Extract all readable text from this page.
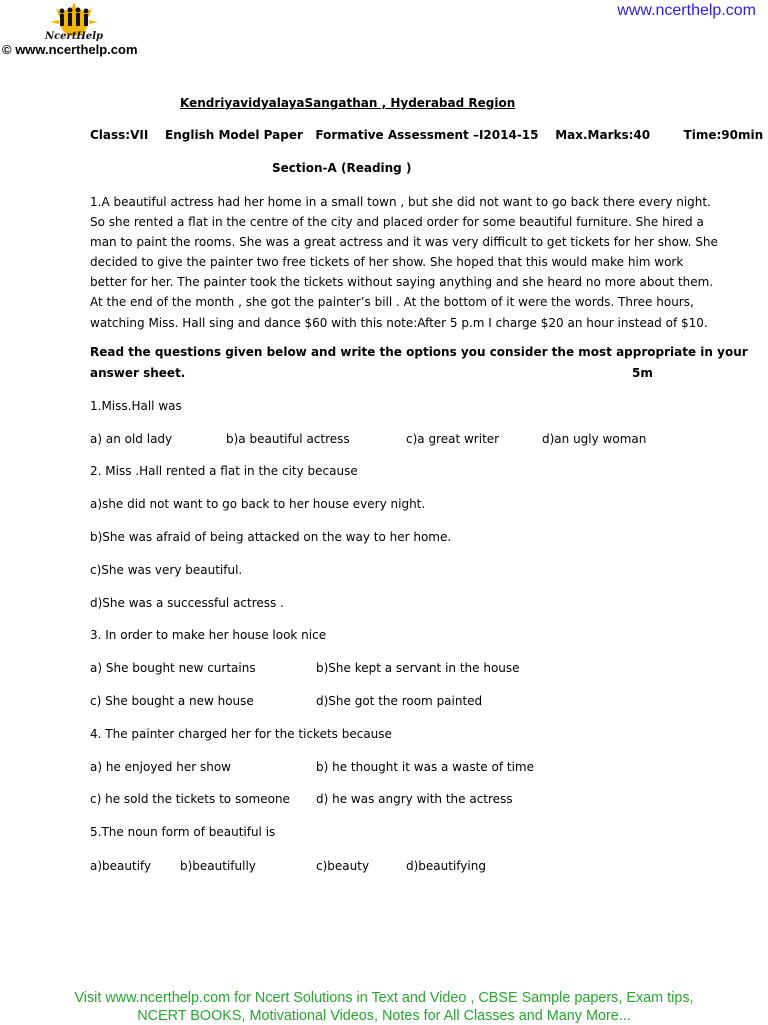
NcertHelp
© www.ncerthelp.com
www.ncerthelp.com
KendriyavidyalayaSangathan , Hyderabad Region
Class:VII    English Model Paper   Formative Assessment –I2014-15    Max.Marks:40        Time:90min
Section-A (Reading )
1.A beautiful actress had her home in a small town , but she did not want to go back there every night.
So she rented a flat in the centre of the city and placed order for some beautiful furniture. She hired a
man to paint the rooms. She was a great actress and it was very difficult to get tickets for her show. She
decided to give the painter two free tickets of her show. She hoped that this would make him work
better for her. The painter took the tickets without saying anything and she heard no more about them.
At the end of the month , she got the painter’s bill . At the bottom of it were the words. Three hours,
watching Miss. Hall sing and dance $60 with this note:After 5 p.m I charge $20 an hour instead of $10.
Read the questions given below and write the options you consider the most appropriate in your
answer sheet.	5m
1.Miss.Hall was
a) an old lady	b)a beautiful actress	c)a great writer	d)an ugly woman
2. Miss .Hall rented a flat in the city because
a)she did not want to go back to her house every night.
b)She was afraid of being attacked on the way to her home.
c)She was very beautiful.
d)She was a successful actress .
3. In order to make her house look nice
a) She bought new curtains	b)She kept a servant in the house
c) She bought a new house	d)She got the room painted
4. The painter charged her for the tickets because
a) he enjoyed her show	b) he thought it was a waste of time
c) he sold the tickets to someone d) he was angry with the actress
5.The noun form of beautiful is
a)beautify b)beautifully	c)beauty	d)beautifying
Visit www.ncerthelp.com for Ncert Solutions in Text and Video , CBSE Sample papers, Exam tips,
NCERT BOOKS, Motivational Videos, Notes for All Classes and Many More...
